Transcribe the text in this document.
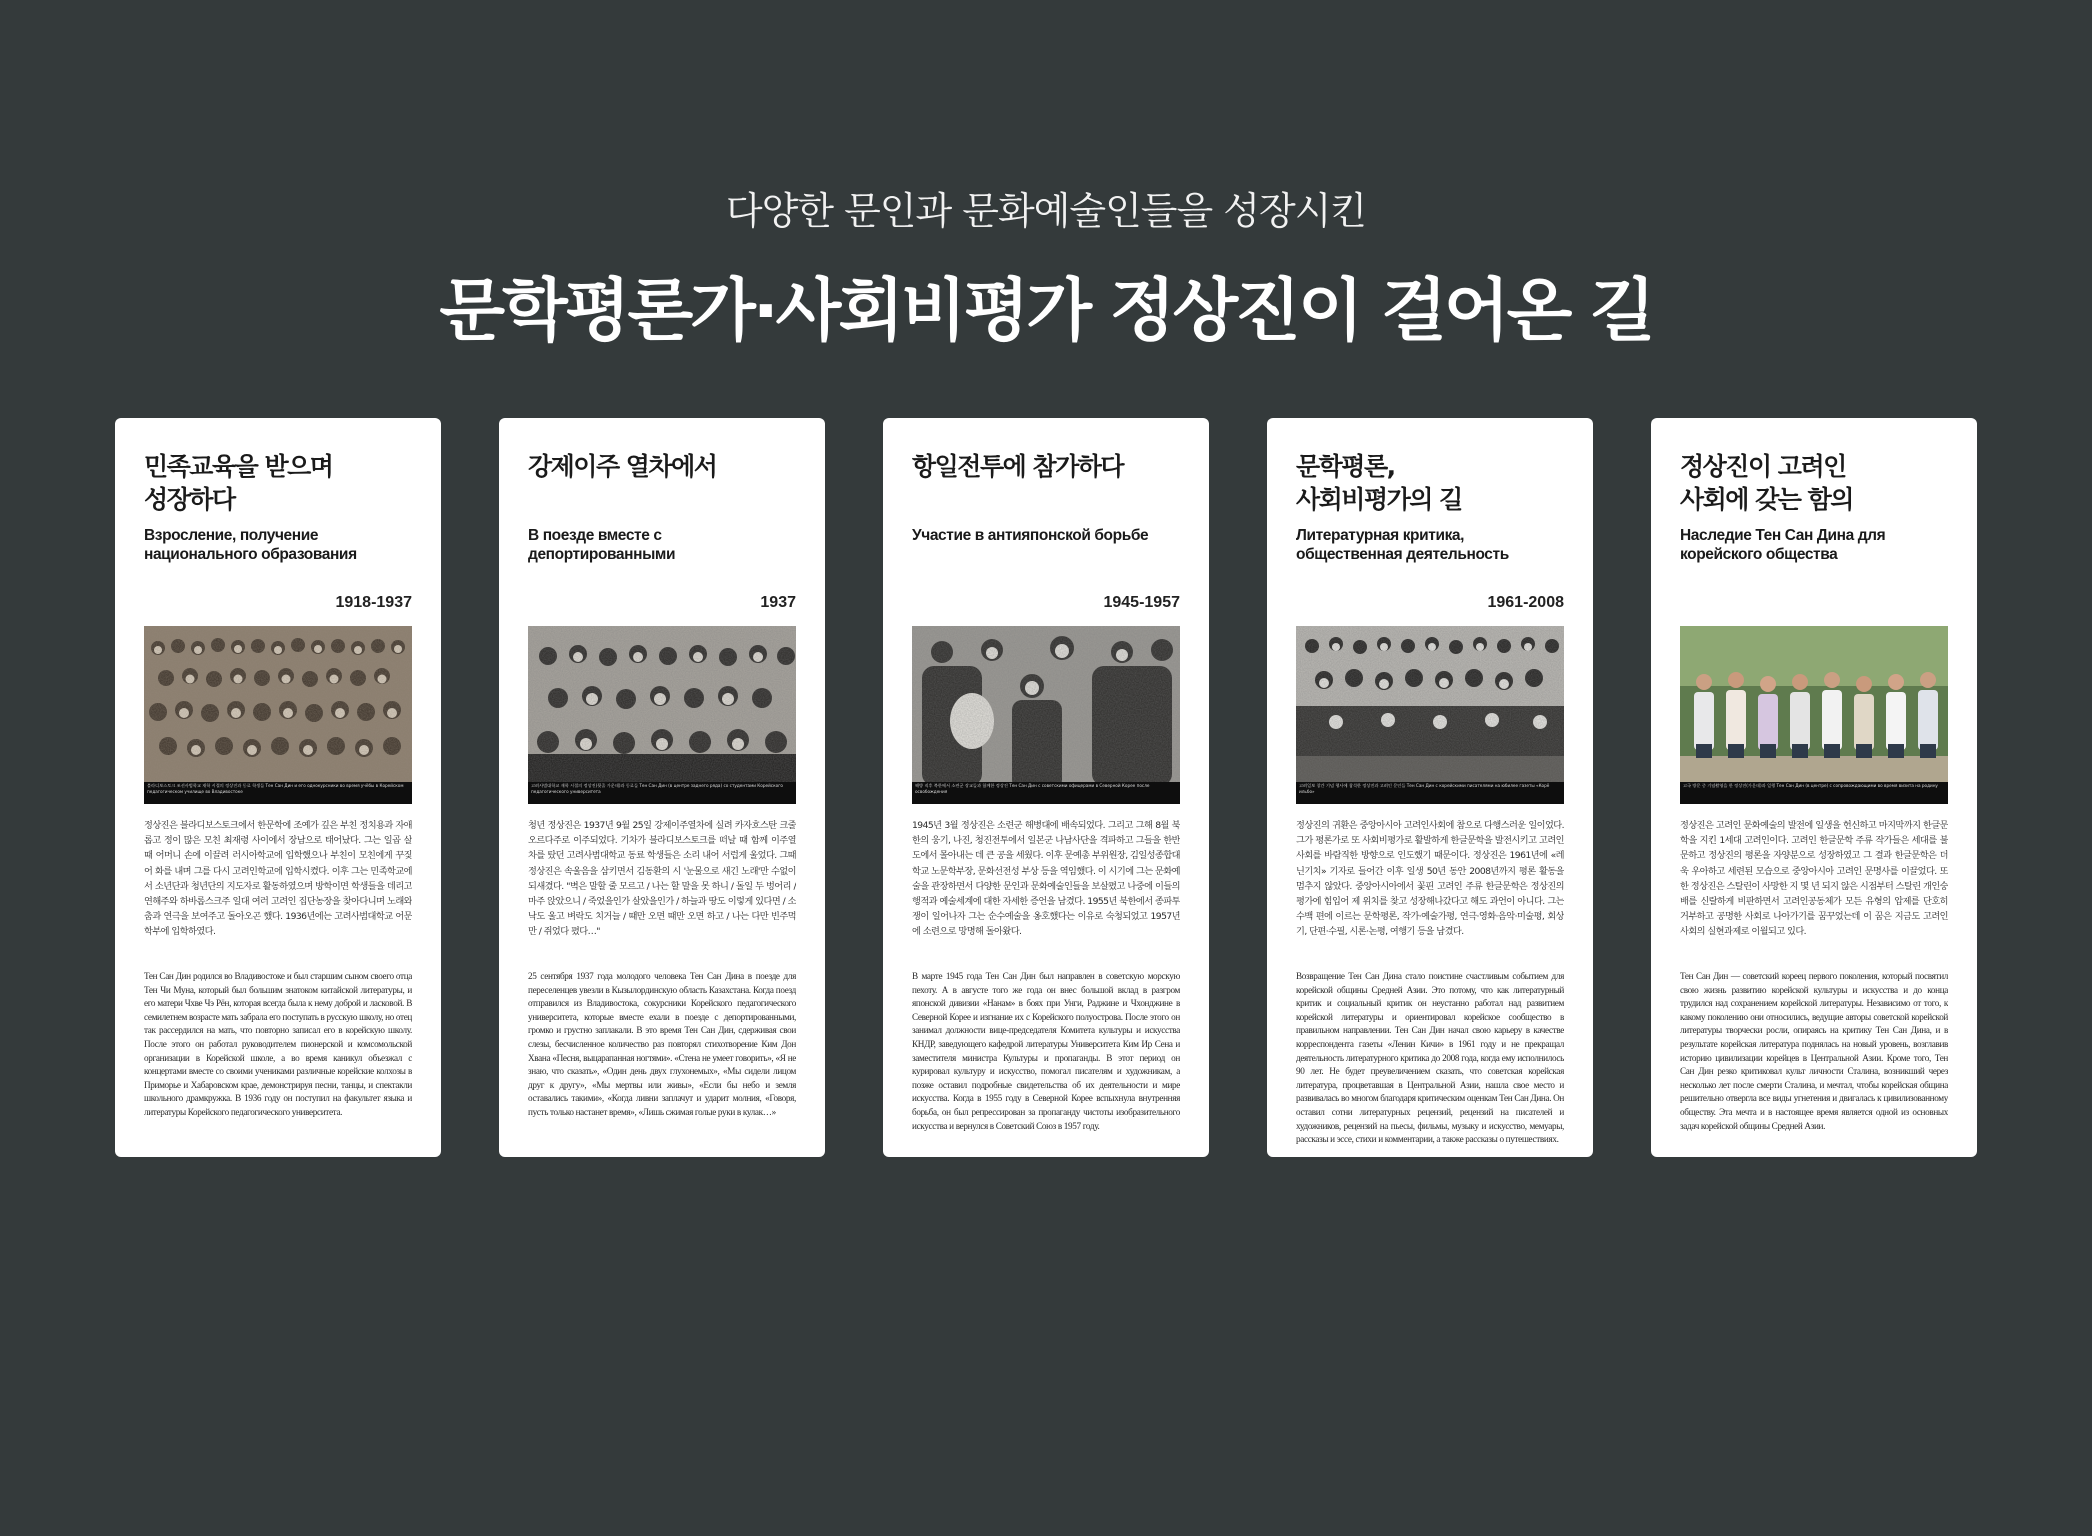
다양한 문인과 문화예술인들을 성장시킨
문학평론가·사회비평가 정상진이 걸어온 길
민족교육을 받으며
성장하다
Взросление, получение
национального образования
1918-1937
블라디보스토크 조선사범학교 재학 시절의 정상진과 동료 학생들 Тен Сан Дин и его однокурсники во время учёбы в Корейском педагогическом училище во Владивостоке
정상진은 블라디보스토크에서 한문학에 조예가 깊은 부친 정치용과 자애롭고 정이 많은 모친 최재령 사이에서 장남으로 태어났다. 그는 일곱 살 때 어머니 손에 이끌려 러시아학교에 입학했으나 부친이 모친에게 꾸짖어 화를 내며 그를 다시 고려인학교에 입학시켰다. 이후 그는 민족학교에서 소년단과 청년단의 지도자로 활동하였으며 방학이면 학생들을 데리고 연해주와 하바롭스크주 일대 여러 고려인 집단농장을 찾아다니며 노래와 춤과 연극을 보여주고 돌아오곤 했다. 1936년에는 고려사범대학교 어문학부에 입학하였다.
Тен Сан Дин родился во Владивостоке и был старшим сыном своего отца Тен Чи Муна, который был большим знатоком китайской литературы, и его матери Чхве Чэ Рён, которая всегда была к нему доброй и ласковой. В семилетнем возрасте мать забрала его поступать в русскую школу, но отец так рассердился на мать, что повторно записал его в корейскую школу. После этого он работал руководителем пионерской и комсомольской организации в Корейской школе, а во время каникул объезжал с концертами вместе со своими учениками различные корейские колхозы в Приморье и Хабаровском крае, демонстрируя песни, танцы, и спектакли школьного драмкружка. В 1936 году он поступил на факультет языка и литературы Корейского педагогического университета.
강제이주 열차에서
В поезде вместе с
депортированными
1937
고려사범대학교 재학 시절의 정상진(뒷줄 가운데)과 동료들 Тен Сан Дин (в центре заднего ряда) со студентами Корейского педагогического университета
청년 정상진은 1937년 9월 25일 강제이주열차에 실려 카자흐스탄 크줄오르다주로 이주되었다. 기차가 블라디보스토크를 떠날 때 함께 이주열차를 탔던 고려사범대학교 동료 학생들은 소리 내어 서럽게 울었다. 그때 정상진은 속울음을 삼키면서 김동환의 시 '눈물으로 새긴 노래'만 수없이 되새겼다. "벽은 말할 줄 모르고 / 나는 할 말을 못 하니 / 돌일 두 벙어리 / 마주 앉았으니 / 죽었을인가 살았을인가 / 하늘과 땅도 이렇게 있다면 / 소낙도 울고 벼락도 치거늘 / 때만 오면 때만 오면 하고 / 나는 다만 빈주먹만 / 쥐었다 폈다…"
25 сентября 1937 года молодого человека Тен Сан Дина в поезде для переселенцев увезли в Кызылординскую область Казахстана. Когда поезд отправился из Владивостока, сокурсники Корейского педагогического университета, которые вместе ехали в поезде с депортированными, громко и грустно заплакали. В это время Тен Сан Дин, сдерживая свои слезы, бесчисленное количество раз повторял стихотворение Ким Дон Хвана «Песня, выцарапанная ногтями». «Стена не умеет говорить», «Я не знаю, что сказать», «Один день двух глухонемых», «Мы сидели лицом друг к другу», «Мы мертвы или живы», «Если бы небо и земля оставались такими», «Когда ливни заплачут и ударит молния, «Говоря, пусть только настанет время», «Лишь сжимая голые руки в кулак…»
항일전투에 참가하다
Участие в антияпонской борьбе
1945-1957
해방 직후 북한에서 소련군 장교들과 함께한 정상진 Тен Сан Дин с советскими офицерами в Северной Корее после освобождения
1945년 3월 정상진은 소련군 해병대에 배속되었다. 그리고 그해 8월 북한의 웅기, 나진, 청진전투에서 일본군 나남사단을 격파하고 그들을 한반도에서 몰아내는 데 큰 공을 세웠다. 이후 문예총 부위원장, 김일성종합대학교 노문학부장, 문화선전성 부상 등을 역임했다. 이 시기에 그는 문화예술을 관장하면서 다양한 문인과 문화예술인들을 보살폈고 나중에 이들의 행적과 예술세계에 대한 자세한 증언을 남겼다. 1955년 북한에서 종파투쟁이 일어나자 그는 순수예술을 옹호했다는 이유로 숙청되었고 1957년에 소련으로 망명해 돌아왔다.
В марте 1945 года Тен Сан Дин был направлен в советскую морскую пехоту. А в августе того же года он внес большой вклад в разгром японской дивизии «Нанам» в боях при Унги, Раджине и Чхонджине в Северной Корее и изгнание их с Корейского полуострова. После этого он занимал должности вице-председателя Комитета культуры и искусства КНДР, заведующего кафедрой литературы Университета Ким Ир Сена и заместителя министра Культуры и пропаганды. В этот период он курировал культуру и искусство, помогал писателям и художникам, а позже оставил подробные свидетельства об их деятельности и мире искусства. Когда в 1955 году в Северной Корее вспыхнула внутренняя борьба, он был репрессирован за пропаганду чистоты изобразительного искусства и вернулся в Советский Союз в 1957 году.
문학평론,
사회비평가의 길
Литературная критика,
общественная деятельность
1961-2008
고려일보 창간 기념 행사에 참석한 정상진과 고려인 문인들 Тен Сан Дин с корейскими писателями на юбилее газеты «Корё ильбо»
정상진의 귀환은 중앙아시아 고려인사회에 참으로 다행스러운 일이었다. 그가 평론가로 또 사회비평가로 활발하게 한글문학을 발전시키고 고려인사회를 바람직한 방향으로 인도했기 때문이다. 정상진은 1961년에 «레닌기치» 기자로 들어간 이후 일생 50년 동안 2008년까지 평론 활동을 멈추지 않았다. 중앙아시아에서 꽃핀 고려인 주류 한글문학은 정상진의 평가에 힘입어 제 위치를 찾고 성장해나갔다고 해도 과언이 아니다. 그는 수백 편에 이르는 문학평론, 작가·예술가평, 연극·영화·음악·미술평, 회상기, 단편·수필, 시론·논평, 여행기 등을 남겼다.
Возвращение Тен Сан Дина стало поистине счастливым событием для корейской общины Средней Азии. Это потому, что как литературный критик и социальный критик он неустанно работал над развитием корейской литературы и ориентировал корейское сообщество в правильном направлении. Тен Сан Дин начал свою карьеру в качестве корреспондента газеты «Ленин Кичи» в 1961 году и не прекращал деятельность литературного критика до 2008 года, когда ему исполнилось 90 лет. Не будет преувеличением сказать, что советская корейская литература, процветавшая в Центральной Азии, нашла свое место и развивалась во многом благодаря критическим оценкам Тен Сан Дина. Он оставил сотни литературных рецензий, рецензий на писателей и художников, рецензий на пьесы, фильмы, музыку и искусство, мемуары, рассказы и эссе, стихи и комментарии, а также рассказы о путешествиях.
정상진이 고려인
사회에 갖는 함의
Наследие Тен Сан Дина для
корейского общества
고국 방문 중 기념촬영을 한 정상진(가운데)과 일행 Тен Сан Дин (в центре) с сопровождающими во время визита на родину
정상진은 고려인 문화예술의 발전에 일생을 헌신하고 마지막까지 한글문학을 지킨 1세대 고려인이다. 고려인 한글문학 주류 작가들은 세대를 불문하고 정상진의 평론을 자양분으로 성장하였고 그 결과 한글문학은 더욱 우아하고 세련된 모습으로 중앙아시아 고려인 문명사를 이끌었다. 또한 정상진은 스탈린이 사망한 지 몇 년 되지 않은 시점부터 스탈린 개인숭배를 신랄하게 비판하면서 고려인공동체가 모든 유형의 압제를 단호히 거부하고 공명한 사회로 나아가기를 꿈꾸었는데 이 꿈은 지금도 고려인사회의 실현과제로 이월되고 있다.
Тен Сан Дин — советский кореец первого поколения, который посвятил свою жизнь развитию корейской культуры и искусства и до конца трудился над сохранением корейской литературы. Независимо от того, к какому поколению они относились, ведущие авторы советской корейской литературы творчески росли, опираясь на критику Тен Сан Дина, и в результате корейская литература поднялась на новый уровень, возглавив историю цивилизации корейцев в Центральной Азии. Кроме того, Тен Сан Дин резко критиковал культ личности Сталина, возникший через несколько лет после смерти Сталина, и мечтал, чтобы корейская община решительно отвергла все виды угнетения и двигалась к цивилизованному обществу. Эта мечта и в настоящее время является одной из основных задач корейской общины Средней Азии.
